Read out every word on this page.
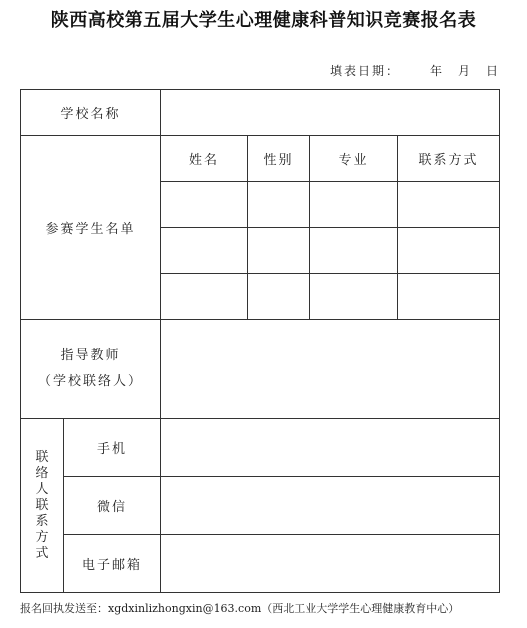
陕西高校第五届大学生心理健康科普知识竞赛报名表
填表日期： 年 月 日
学校名称					
参赛学生名单		姓名	性别	专业	联系方式

指导教师
（学校联络人）					

联络人 联系方式	手机				
	微信				
	电子邮箱				
报名回执发送至：xgdxinlizhongxin@163.com（西北工业大学学生心理健康教育中心）
